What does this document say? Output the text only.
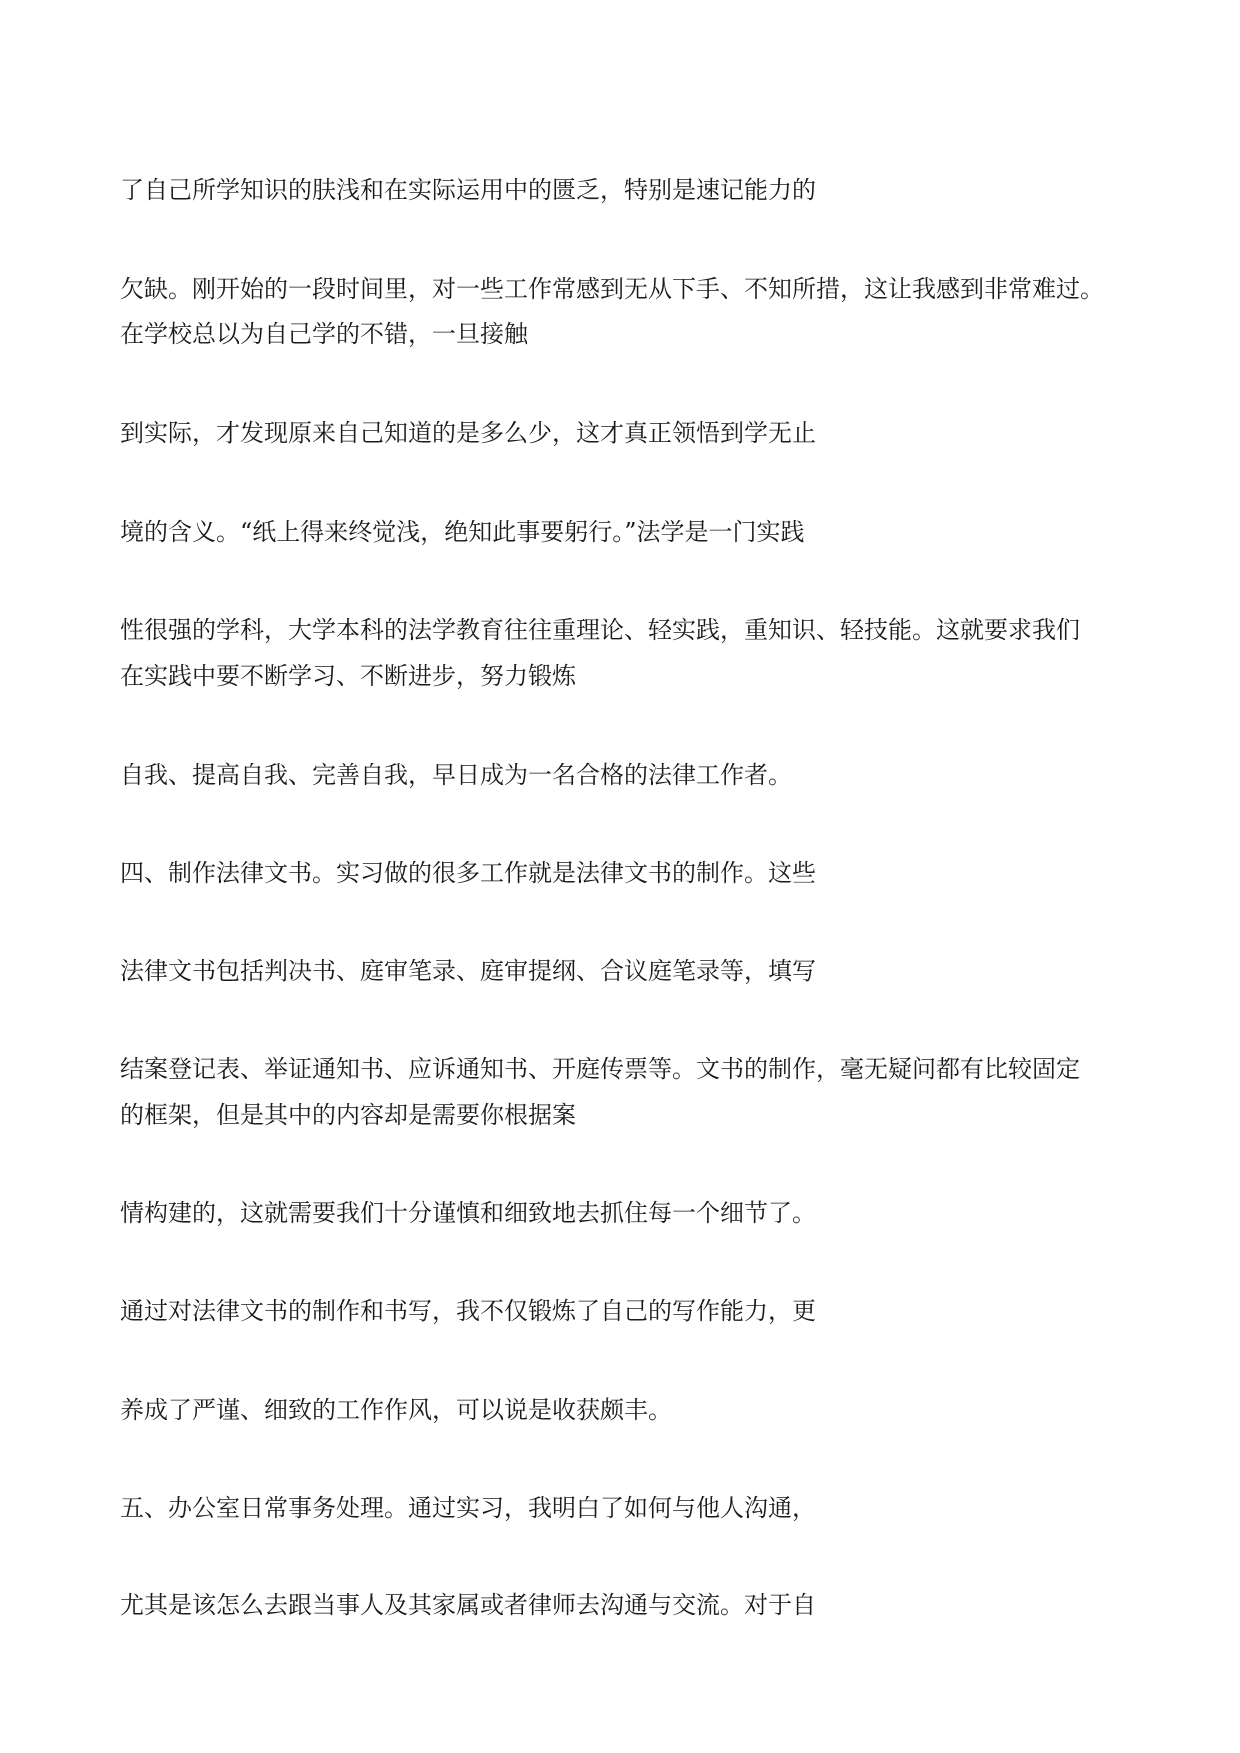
了自己所学知识的肤浅和在实际运用中的匮乏，特别是速记能力的
欠缺。刚开始的一段时间里，对一些工作常感到无从下手、不知所措，这让我感到非常难过。
在学校总以为自己学的不错，一旦接触
到实际，才发现原来自己知道的是多么少，这才真正领悟到学无止
境的含义。“纸上得来终觉浅，绝知此事要躬行。”法学是一门实践
性很强的学科，大学本科的法学教育往往重理论、轻实践，重知识、轻技能。这就要求我们
在实践中要不断学习、不断进步，努力锻炼
自我、提高自我、完善自我，早日成为一名合格的法律工作者。
四、制作法律文书。实习做的很多工作就是法律文书的制作。这些
法律文书包括判决书、庭审笔录、庭审提纲、合议庭笔录等，填写
结案登记表、举证通知书、应诉通知书、开庭传票等。文书的制作，毫无疑问都有比较固定
的框架，但是其中的内容却是需要你根据案
情构建的，这就需要我们十分谨慎和细致地去抓住每一个细节了。
通过对法律文书的制作和书写，我不仅锻炼了自己的写作能力，更
养成了严谨、细致的工作作风，可以说是收获颇丰。
五、办公室日常事务处理。通过实习，我明白了如何与他人沟通，
尤其是该怎么去跟当事人及其家属或者律师去沟通与交流。对于自
